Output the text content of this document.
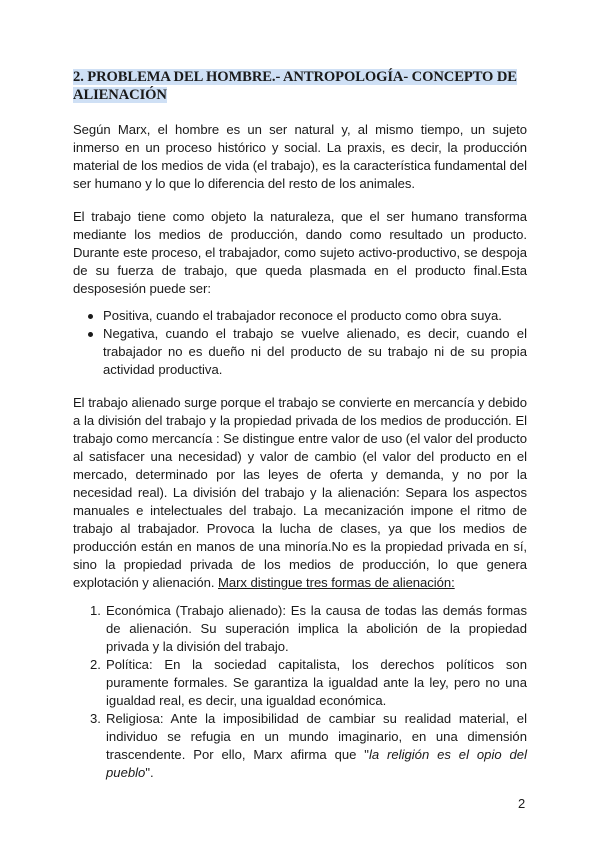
2. PROBLEMA DEL HOMBRE.- ANTROPOLOGÍA- CONCEPTO DE ALIENACIÓN

Según Marx, el hombre es un ser natural y, al mismo tiempo, un sujeto inmerso en un proceso histórico y social. La praxis, es decir, la producción material de los medios de vida (el trabajo), es la característica fundamental del ser humano y lo que lo diferencia del resto de los animales.

El trabajo tiene como objeto la naturaleza, que el ser humano transforma mediante los medios de producción, dando como resultado un producto. Durante este proceso, el trabajador, como sujeto activo-productivo, se despoja de su fuerza de trabajo, que queda plasmada en el producto final.Esta desposesión puede ser:

Positiva, cuando el trabajador reconoce el producto como obra suya.
Negativa, cuando el trabajo se vuelve alienado, es decir, cuando el trabajador no es dueño ni del producto de su trabajo ni de su propia actividad productiva.

El trabajo alienado surge porque el trabajo se convierte en mercancía y debido a la división del trabajo y la propiedad privada de los medios de producción. El trabajo como mercancía : Se distingue entre valor de uso (el valor del producto al satisfacer una necesidad) y valor de cambio (el valor del producto en el mercado, determinado por las leyes de oferta y demanda, y no por la necesidad real). La división del trabajo y la alienación: Separa los aspectos manuales e intelectuales del trabajo. La mecanización impone el ritmo de trabajo al trabajador. Provoca la lucha de clases, ya que los medios de producción están en manos de una minoría.No es la propiedad privada en sí, sino la propiedad privada de los medios de producción, lo que genera explotación y alienación. Marx distingue tres formas de alienación:

1. Económica (Trabajo alienado): Es la causa de todas las demás formas de alienación. Su superación implica la abolición de la propiedad privada y la división del trabajo.
2. Política: En la sociedad capitalista, los derechos políticos son puramente formales. Se garantiza la igualdad ante la ley, pero no una igualdad real, es decir, una igualdad económica.
3. Religiosa: Ante la imposibilidad de cambiar su realidad material, el individuo se refugia en un mundo imaginario, en una dimensión trascendente. Por ello, Marx afirma que "la religión es el opio del pueblo".
2
